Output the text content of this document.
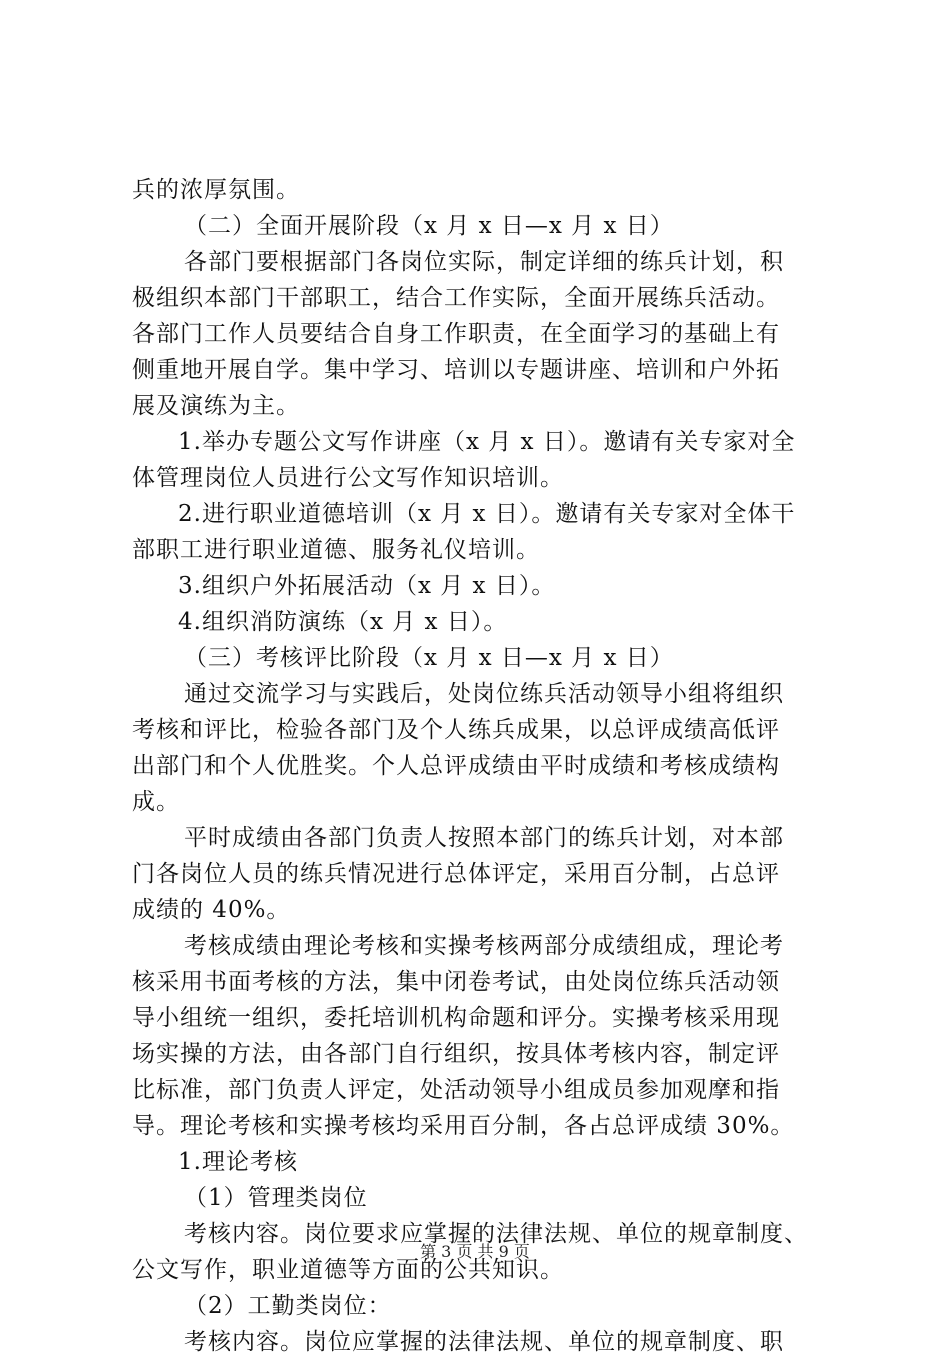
兵的浓厚氛围。
（二）全面开展阶段（x 月 x 日—x 月 x 日）
各部门要根据部门各岗位实际，制定详细的练兵计划，积
极组织本部门干部职工，结合工作实际，全面开展练兵活动。
各部门工作人员要结合自身工作职责，在全面学习的基础上有
侧重地开展自学。集中学习、培训以专题讲座、培训和户外拓
展及演练为主。
1.举办专题公文写作讲座（x 月 x 日）。邀请有关专家对全
体管理岗位人员进行公文写作知识培训。
2.进行职业道德培训（x 月 x 日）。邀请有关专家对全体干
部职工进行职业道德、服务礼仪培训。
3.组织户外拓展活动（x 月 x 日）。
4.组织消防演练（x 月 x 日）。
（三）考核评比阶段（x 月 x 日—x 月 x 日）
通过交流学习与实践后，处岗位练兵活动领导小组将组织
考核和评比，检验各部门及个人练兵成果，以总评成绩高低评
出部门和个人优胜奖。个人总评成绩由平时成绩和考核成绩构
成。
平时成绩由各部门负责人按照本部门的练兵计划，对本部
门各岗位人员的练兵情况进行总体评定，采用百分制，占总评
成绩的 40%。
考核成绩由理论考核和实操考核两部分成绩组成，理论考
核采用书面考核的方法，集中闭卷考试，由处岗位练兵活动领
导小组统一组织，委托培训机构命题和评分。实操考核采用现
场实操的方法，由各部门自行组织，按具体考核内容，制定评
比标准，部门负责人评定，处活动领导小组成员参加观摩和指
导。理论考核和实操考核均采用百分制，各占总评成绩 30%。
1.理论考核
（1）管理类岗位
考核内容。岗位要求应掌握的法律法规、单位的规章制度、
公文写作，职业道德等方面的公共知识。
（2）工勤类岗位：
考核内容。岗位应掌握的法律法规、单位的规章制度、职
第 3 页 共 9 页
